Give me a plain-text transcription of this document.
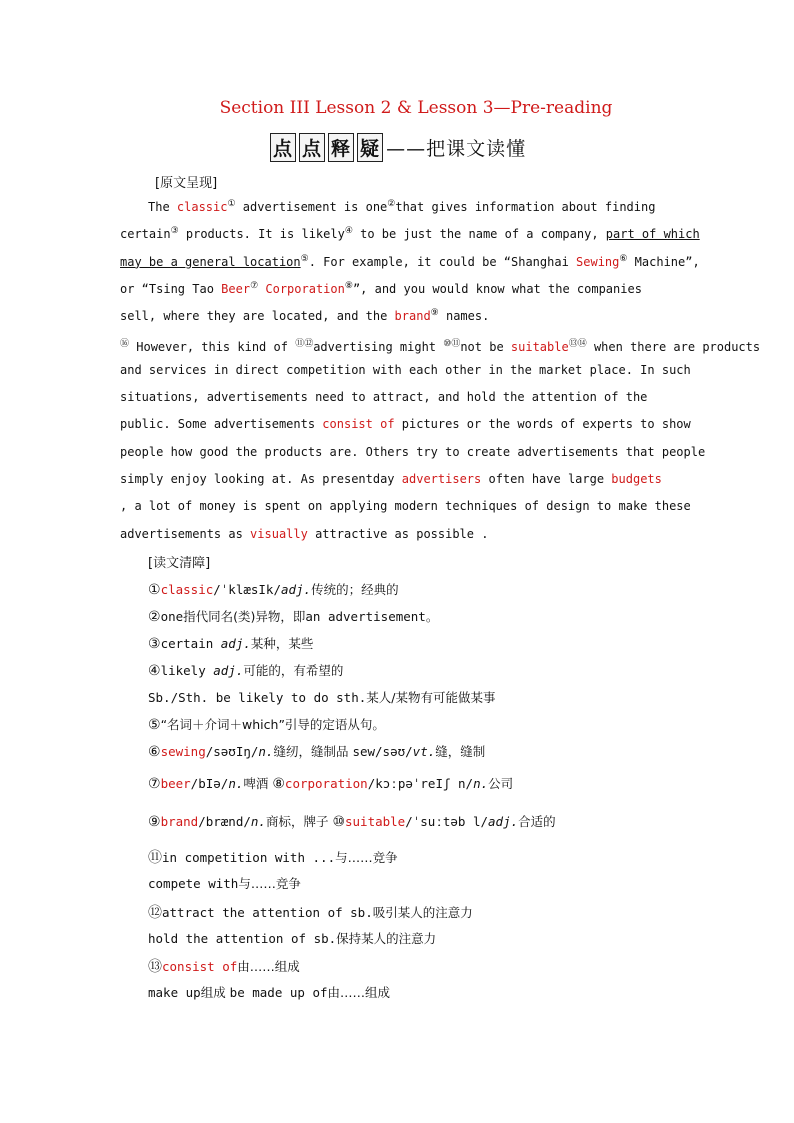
Section III Lesson 2 & Lesson 3—Pre-reading
点 点 释 疑 ——把课文读懂
[原文呈现]
The classic① advertisement is one②that gives information about finding
certain③ products. It is likely④ to be just the name of a company, part of which
may be a general location⑤. For example, it could be “Shanghai Sewing⑥ Machine”,
or “Tsing Tao Beer⑦ Corporation⑧”, and you would know what the companies
sell, where they are located, and the brand⑨ names.
⑯ However, this kind of ⑪⑫advertising might ⑩⑪not be suitable⑬⑭ when there are products
and services in direct competition with each other in the market place. In such
situations, advertisements need to attract, and hold the attention of the
public. Some advertisements consist of pictures or the words of experts to show
people how good the products are. Others try to create advertisements that people
simply enjoy looking at. As presentday advertisers often have large budgets
, a lot of money is spent on applying modern techniques of design to make these
advertisements as visually attractive as possible .
[读文清障]
①classic/ˈklæsIk/adj.传统的；经典的
②one指代同名(类)异物，即an advertisement。
③certain adj.某种，某些
④likely adj.可能的，有希望的
Sb./Sth. be likely to do sth.某人/某物有可能做某事
⑤“名词＋介词＋which”引导的定语从句。
⑥sewing/səʊIŋ/n.缝纫，缝制品 sew/səʊ/vt.缝，缝制
⑦beer/bIə/n.啤酒 ⑧corporation/kɔːpəˈreIʃ n/n.公司
⑨brand/brænd/n.商标，牌子 ⑩suitable/ˈsuːtəb l/adj.合适的
⑪in competition with ...与……竞争
compete with与……竞争
⑫attract the attention of sb.吸引某人的注意力
hold the attention of sb.保持某人的注意力
⑬consist of由……组成
make up组成 be made up of由……组成
